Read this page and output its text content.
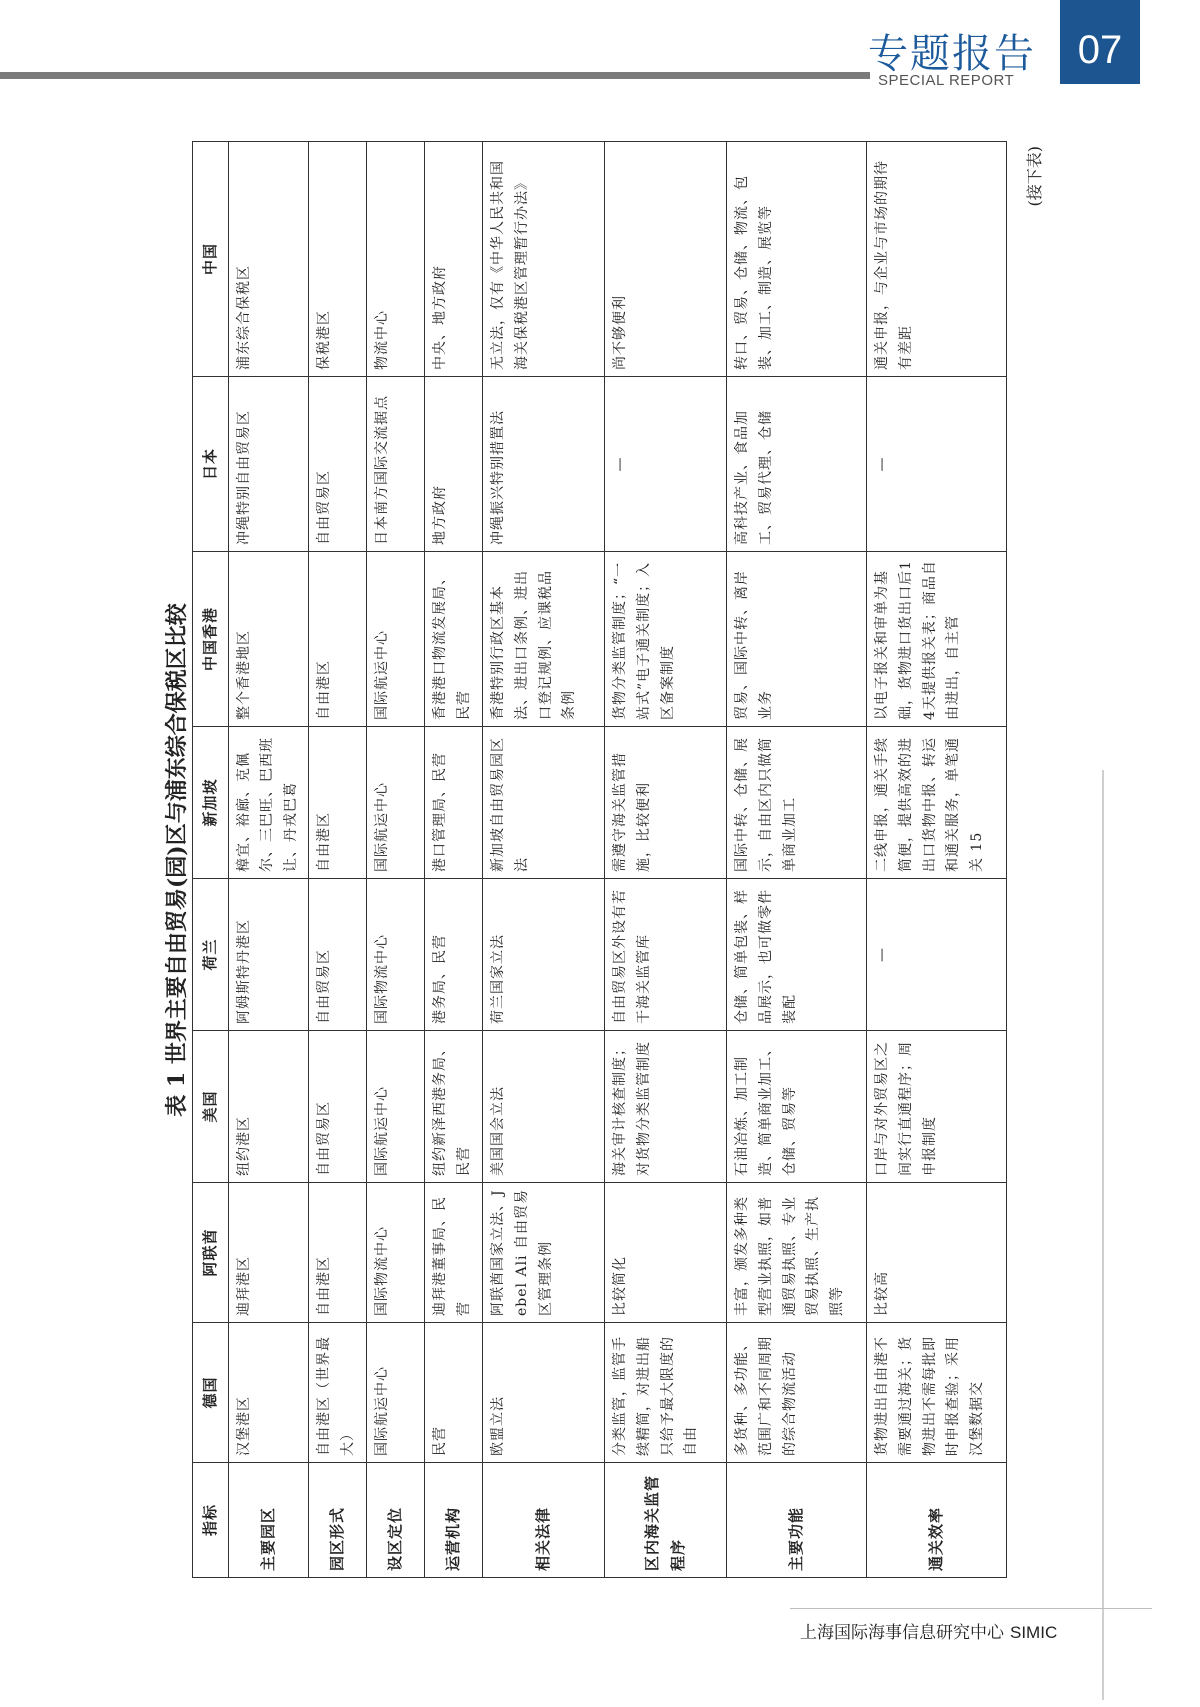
专题报告
SPECIAL REPORT
07
表 1 世界主要自由贸易(园)区与浦东综合保税区比较
指标	德国	阿联酋	美国	荷兰	新加坡	中国香港	日本	中国
主要园区	汉堡港区	迪拜港区	纽约港区	阿姆斯特丹港区	樟宜、裕廊、克佩尔、三巴旺、巴西班让、丹戎巴葛	整个香港地区	冲绳特别自由贸易区	浦东综合保税区
园区形式	自由港区（世界最大）	自由港区	自由贸易区	自由贸易区	自由港区	自由港区	自由贸易区	保税港区
设区定位	国际航运中心	国际物流中心	国际航运中心	国际物流中心	国际航运中心	国际航运中心	日本南方国际交流据点	物流中心
运营机构	民营	迪拜港董事局、民营	纽约新泽西港务局、民营	港务局、民营	港口管理局、民营	香港港口物流发展局、民营	地方政府	中央、地方政府
相关法律	欧盟立法	阿联酋国家立法、Jebel Ali 自由贸易区管理条例	美国国会立法	荷兰国家立法	新加坡自由贸易园区法	香港特别行政区基本法、进出口条例、进出口登记规例、应课税品条例	冲绳振兴特别措置法	无立法，仅有《中华人民共和国海关保税港区管理暂行办法》
区内海关监管程序	分类监管，监管手续精简，对进出船只给予最大限度的自由	比较简化	海关审计核查制度；对货物分类监管制度	自由贸易区外设有若干海关监管库	需遵守海关监管措施，比较便利	货物分类监管制度；“一站式”电子通关制度；入区备案制度	—	尚不够便利
主要功能	多货种、多功能、范围广和不同周期的综合物流活动	丰富，颁发多种类型营业执照，如普通贸易执照、专业贸易执照、生产执照等	石油冶炼、加工制造、简单商业加工、仓储、贸易等	仓储、简单包装、样品展示，也可做零件装配	国际中转、仓储、展示，自由区内只做简单商业加工	贸易、国际中转、离岸业务	高科技产业、食品加工、贸易代理、仓储	转口、贸易、仓储、物流、包装、加工、制造、展览等
通关效率	货物进出自由港不需要通过海关；货物进出不需每批即时申报查验；采用汉堡数据交	比较高	口岸与对外贸易区之间实行直通程序；周申报制度	—	二线申报，通关手续简便，提供高效的进出口货物中报、转运和通关服务，单笔通关 15	以电子报关和审单为基础，货物进口货出口后14天提供报关表；商品自由进出，自主管	—	通关申报，与企业与市场的期待有差距
(接下表)
上海国际海事信息研究中心 SIMIC
